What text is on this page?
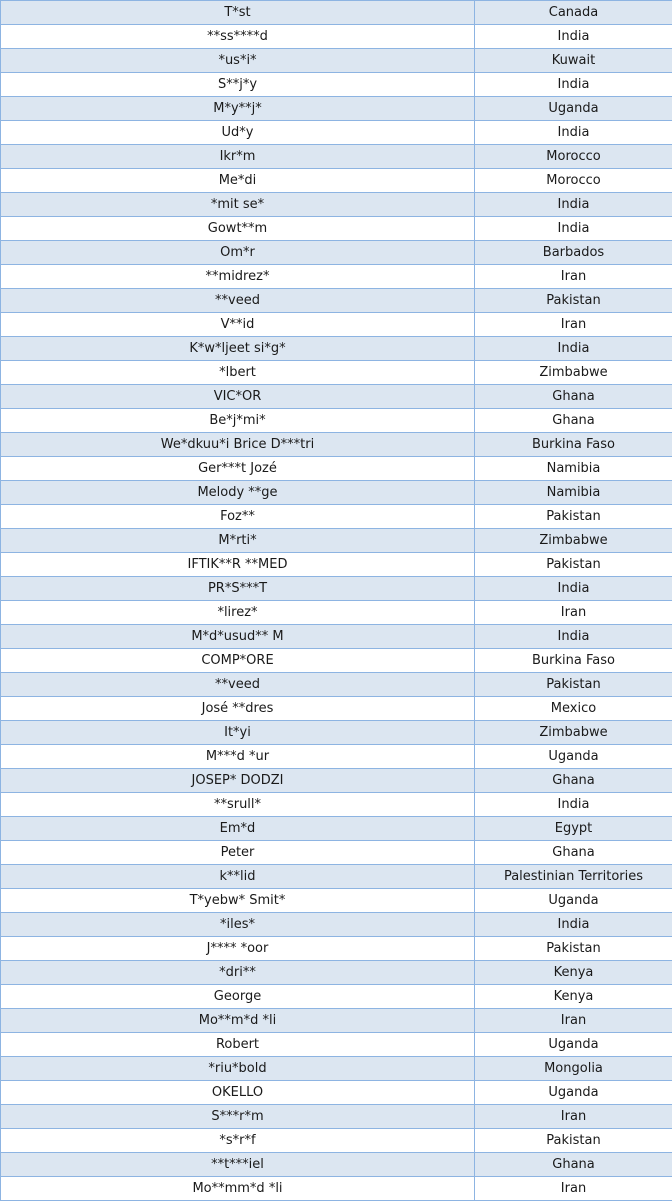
T*st	Canada
**ss****d	India
*us*i*	Kuwait
S**j*y	India
M*y**j*	Uganda
Ud*y	India
Ikr*m	Morocco
Me*di	Morocco
*mit se*	India
Gowt**m	India
Om*r	Barbados
**midrez*	Iran
**veed	Pakistan
V**id	Iran
K*w*ljeet si*g*	India
*lbert	Zimbabwe
VIC*OR	Ghana
Be*j*mi*	Ghana
We*dkuu*i Brice D***tri	Burkina Faso
Ger***t Jozé	Namibia
Melody **ge	Namibia
Foz**	Pakistan
M*rti*	Zimbabwe
IFTIK**R **MED	Pakistan
PR*S***T	India
*lirez*	Iran
M*d*usud** M	India
COMP*ORE	Burkina Faso
**veed	Pakistan
José **dres	Mexico
It*yi	Zimbabwe
M***d *ur	Uganda
JOSEP* DODZI	Ghana
**srull*	India
Em*d	Egypt
Peter	Ghana
k**lid	Palestinian Territories
T*yebw* Smit*	Uganda
*iles*	India
J**** *oor	Pakistan
*dri**	Kenya
George	Kenya
Mo**m*d *li	Iran
Robert	Uganda
*riu*bold	Mongolia
OKELLO	Uganda
S***r*m	Iran
*s*r*f	Pakistan
**t***iel	Ghana
Mo**mm*d *li	Iran
